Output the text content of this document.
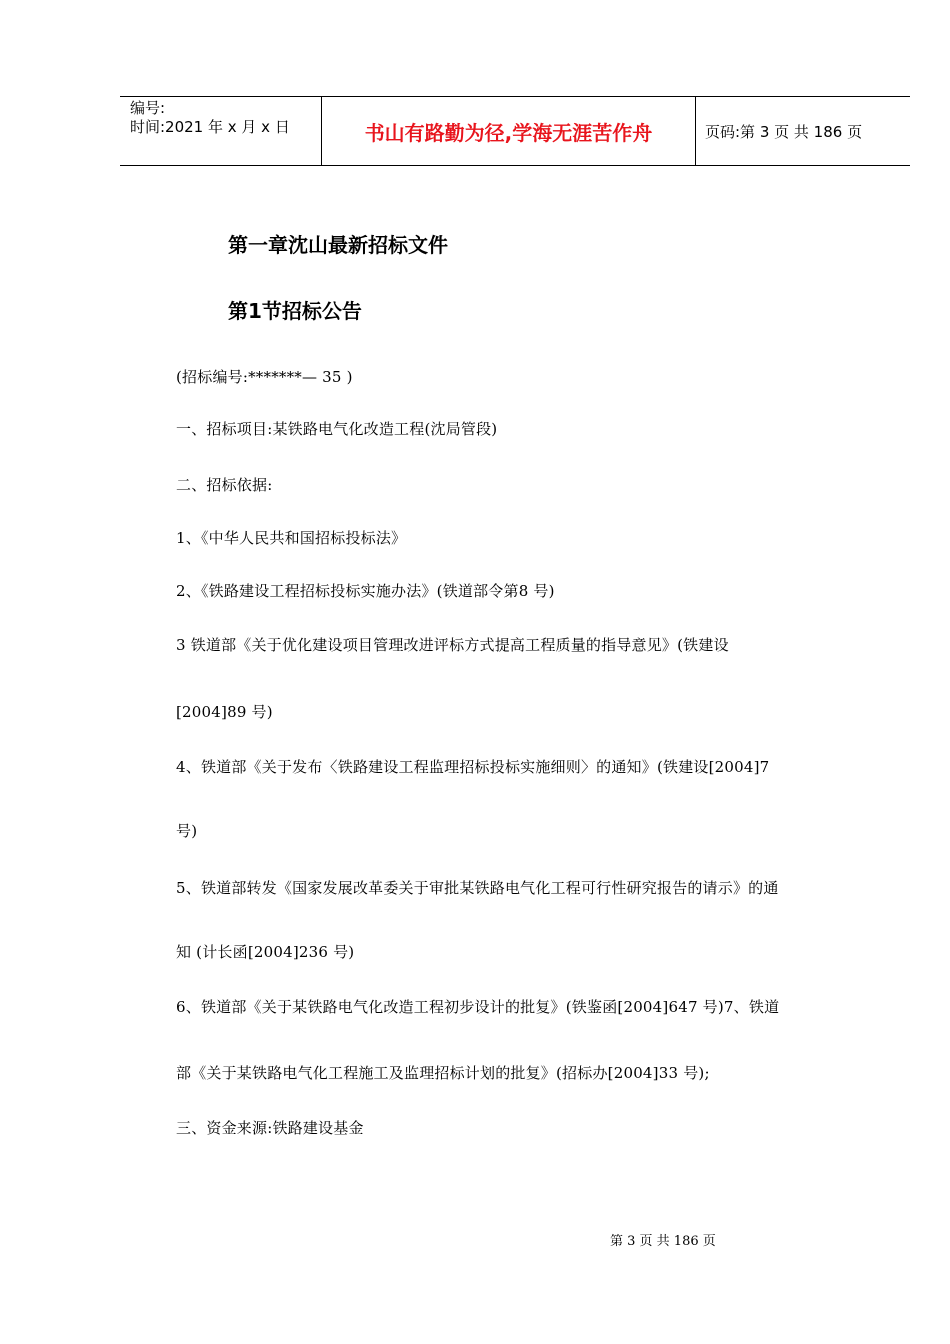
编号:
时间:2021 年 x 月 x 日	书山有路勤为径,学海无涯苦作舟	页码:第 3 页 共 186 页
第一章沈山最新招标文件
第1节招标公告
(招标编号:*******— 35 )
一、招标项目:某铁路电气化改造工程(沈局管段)
二、招标依据:
1、《中华人民共和国招标投标法》
2、《铁路建设工程招标投标实施办法》(铁道部令第8 号)
3 铁道部《关于优化建设项目管理改进评标方式提高工程质量的指导意见》(铁建设
[2004]89 号)
4、铁道部《关于发布〈铁路建设工程监理招标投标实施细则〉的通知》(铁建设[2004]7
号)
5、铁道部转发《国家发展改革委关于审批某铁路电气化工程可行性研究报告的请示》的通
知 (计长函[2004]236 号)
6、铁道部《关于某铁路电气化改造工程初步设计的批复》(铁鉴函[2004]647 号)7、铁道
部《关于某铁路电气化工程施工及监理招标计划的批复》(招标办[2004]33 号);
三、资金来源:铁路建设基金
第 3 页 共 186 页
